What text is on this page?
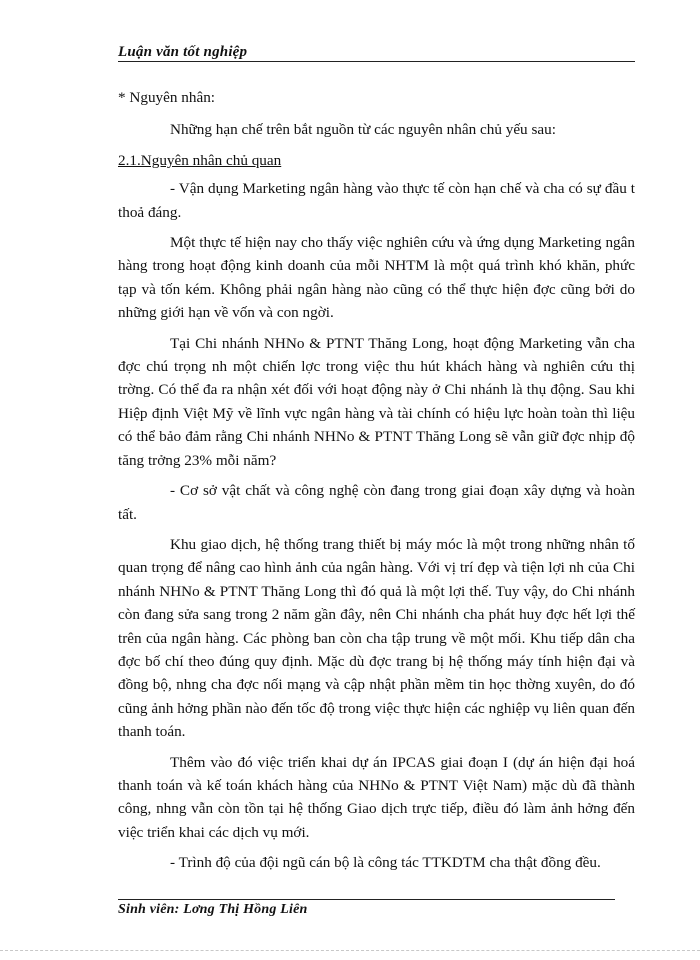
Luận văn tốt nghiệp

* Nguyên nhân:

Những hạn chế trên bắt nguồn từ các nguyên nhân chủ yếu sau:

2.1.Nguyên nhân chủ quan

- Vận dụng Marketing ngân hàng vào thực tế còn hạn chế và cha có sự đầu t thoả đáng.

Một thực tế hiện nay cho thấy việc nghiên cứu và ứng dụng Marketing ngân hàng trong hoạt động kinh doanh của mỗi NHTM là một quá trình khó khăn, phức tạp và tốn kém. Không phải ngân hàng nào cũng có thể thực hiện đợc cũng bởi do những giới hạn về vốn và con ngời.

Tại Chi nhánh NHNo & PTNT Thăng Long, hoạt động Marketing vẫn cha đợc chú trọng nh một chiến lợc trong việc thu hút khách hàng và nghiên cứu thị trờng. Có thể đa ra nhận xét đối với hoạt động này ở Chi nhánh là thụ động. Sau khi Hiệp định Việt Mỹ về lĩnh vực ngân hàng và tài chính có hiệu lực hoàn toàn thì liệu có thể bảo đảm rằng Chi nhánh NHNo & PTNT Thăng Long sẽ vẫn giữ đợc nhịp độ tăng trởng 23% mỗi năm?

- Cơ sở vật chất và công nghệ còn đang trong giai đoạn xây dựng và hoàn tất.

Khu giao dịch, hệ thống trang thiết bị máy móc là một trong những nhân tố quan trọng để nâng cao hình ảnh của ngân hàng. Với vị trí đẹp và tiện lợi nh của Chi nhánh NHNo & PTNT Thăng Long thì đó quả là một lợi thế. Tuy vậy, do Chi nhánh còn đang sửa sang trong 2 năm gần đây, nên Chi nhánh cha phát huy đợc hết lợi thế trên của ngân hàng. Các phòng ban còn cha tập trung về một mối. Khu tiếp dân cha đợc bố chí theo đúng quy định. Mặc dù đợc trang bị hệ thống máy tính hiện đại và đồng bộ, nhng cha đợc nối mạng và cập nhật phần mềm tin học thờng xuyên, do đó cũng ảnh hởng phần nào đến tốc độ trong việc thực hiện các nghiệp vụ liên quan đến thanh toán.

Thêm vào đó việc triển khai dự án IPCAS giai đoạn I (dự án hiện đại hoá thanh toán và kế toán khách hàng của NHNo & PTNT Việt Nam) mặc dù đã thành công, nhng vẫn còn tồn tại hệ thống Giao dịch trực tiếp, điều đó làm ảnh hởng đến việc triển khai các dịch vụ mới.

- Trình độ của đội ngũ cán bộ là công tác TTKDTM cha thật đồng đều.

Sinh viên: Lơng Thị Hồng Liên
